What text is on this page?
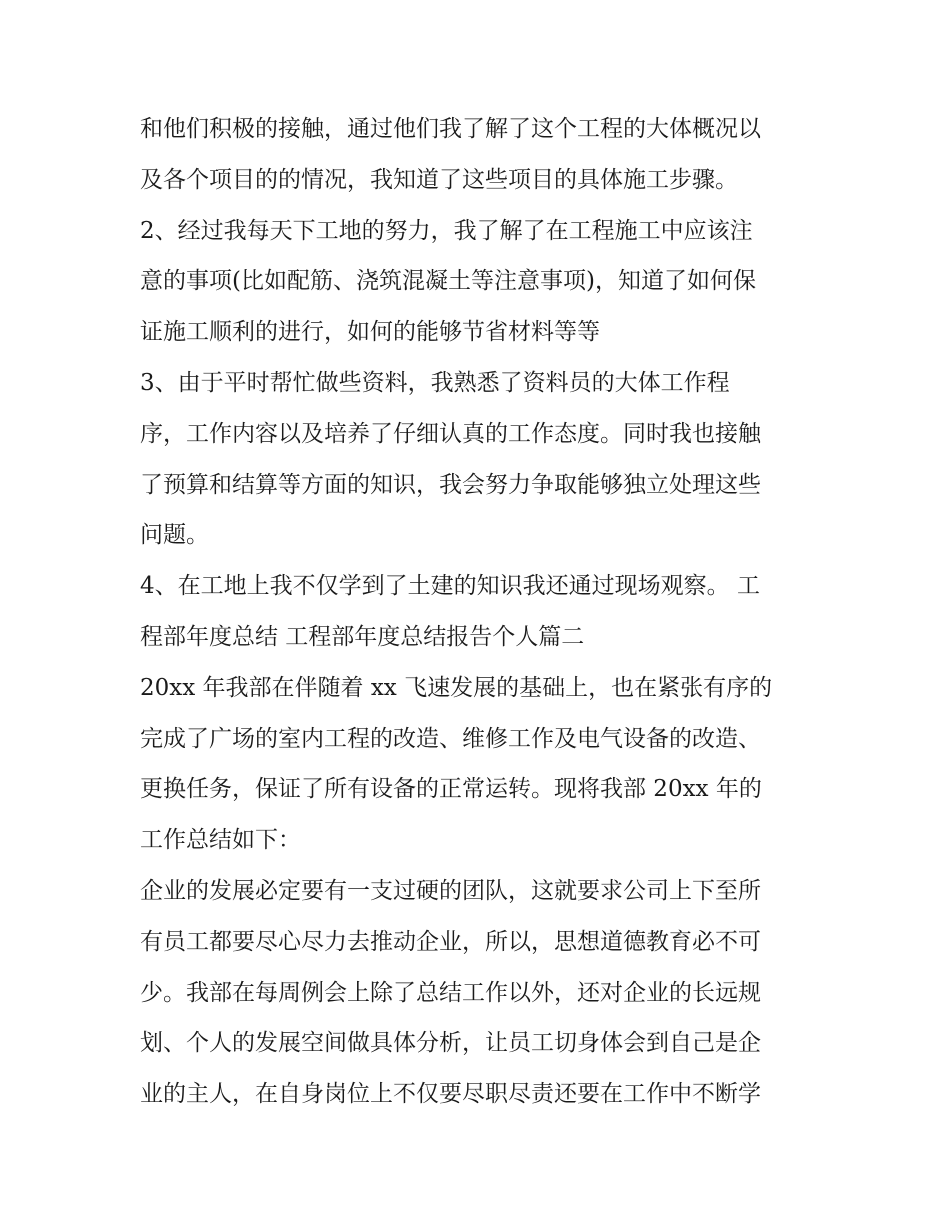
和他们积极的接触，通过他们我了解了这个工程的大体概况以
及各个项目的的情况，我知道了这些项目的具体施工步骤。
2、经过我每天下工地的努力，我了解了在工程施工中应该注
意的事项(比如配筋、浇筑混凝土等注意事项)，知道了如何保
证施工顺利的进行，如何的能够节省材料等等
3、由于平时帮忙做些资料，我熟悉了资料员的大体工作程
序，工作内容以及培养了仔细认真的工作态度。同时我也接触
了预算和结算等方面的知识，我会努力争取能够独立处理这些
问题。
4、在工地上我不仅学到了土建的知识我还通过现场观察。 工
程部年度总结 工程部年度总结报告个人篇二
20xx 年我部在伴随着 xx 飞速发展的基础上，也在紧张有序的
完成了广场的室内工程的改造、维修工作及电气设备的改造、
更换任务，保证了所有设备的正常运转。现将我部 20xx 年的
工作总结如下：
企业的发展必定要有一支过硬的团队，这就要求公司上下至所
有员工都要尽心尽力去推动企业，所以，思想道德教育必不可
少。我部在每周例会上除了总结工作以外，还对企业的长远规
划、个人的发展空间做具体分析，让员工切身体会到自己是企
业的主人，在自身岗位上不仅要尽职尽责还要在工作中不断学
